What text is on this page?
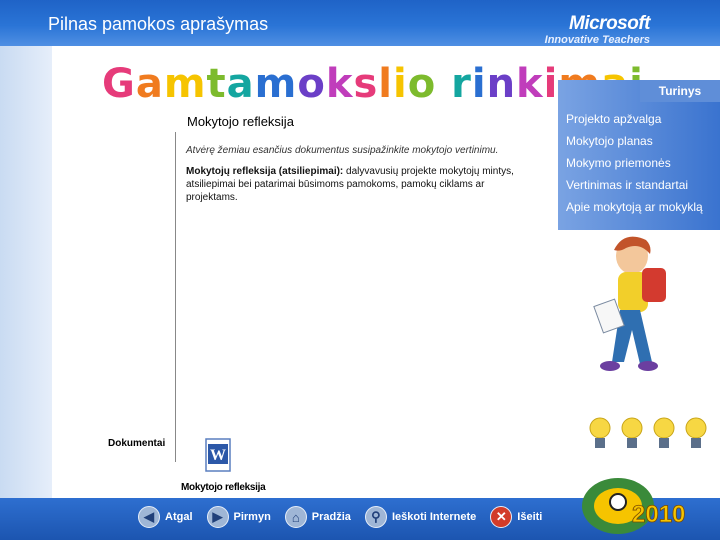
Pilnas pamokos aprašymas	Microsoft
Innovative Teachers
Gamtamokslio rinki
Mokytojo refleksija
Atvėrę žemiau esančius dokumentus susipažinkite mokytojo vertinimu.
Mokytojų refleksija (atsiliepimai): dalyvavusių projekte mokytojų mintys, atsiliepimai bei patarimai būsimoms pamokoms, pamokų ciklams ar projektams.
Dokumentai
W
Mokytojo refleksija
Turinys
Projekto apžvalga
Mokytojo planas
Mokymo priemonės
Vertinimas ir standartai
Apie mokytoją ar mokyklą
◀	Atgal	▶	Pirmyn	⌂	Pradžia	⚲	Ieškoti Internete	✕ Išeiti	2010
